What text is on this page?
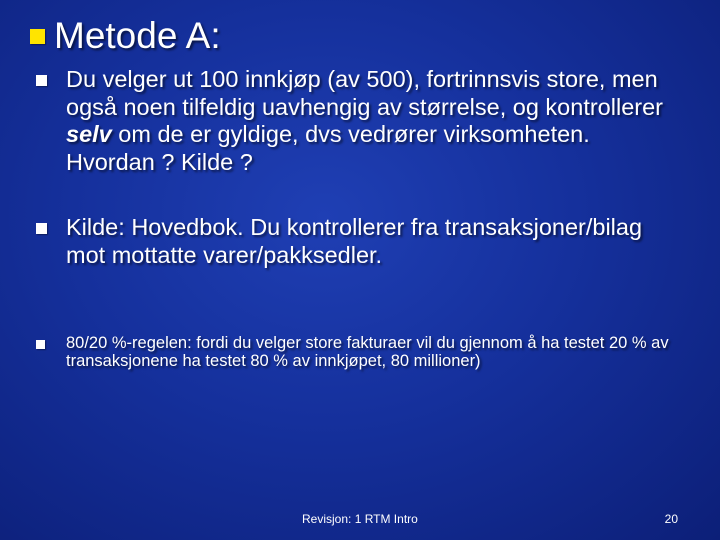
Metode A:
Du velger ut 100 innkjøp (av 500), fortrinnsvis store, men også noen tilfeldig uavhengig av størrelse, og kontrollerer selv om de er gyldige, dvs vedrører virksomheten. Hvordan ? Kilde ?
Kilde: Hovedbok. Du kontrollerer fra transaksjoner/bilag mot mottatte varer/pakksedler.
80/20 %-regelen: fordi du velger store fakturaer vil du gjennom å ha testet 20 % av transaksjonene ha testet 80 % av innkjøpet, 80 millioner)
Revisjon: 1 RTM Intro	20
